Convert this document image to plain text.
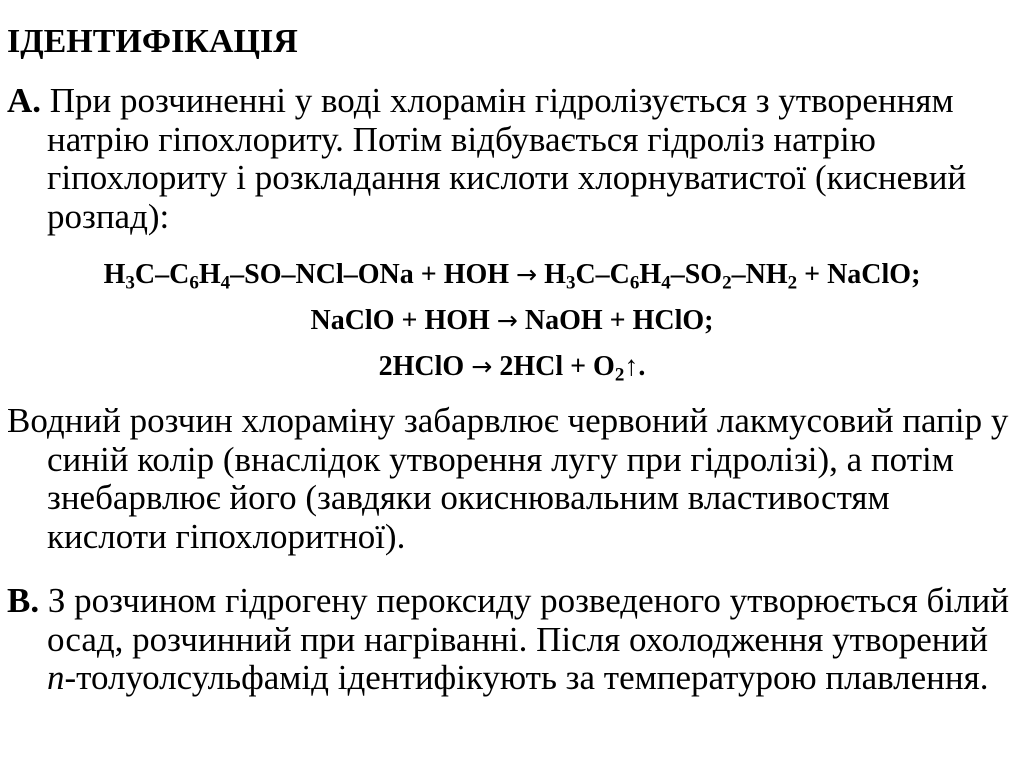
ІДЕНТИФІКАЦІЯ
А. При розчиненні у воді хлорамін гідролізується з утворенням натрію гіпохлориту. Потім відбувається гідроліз натрію гіпохлориту і розкладання кислоти хлорнуватистої (кисневий розпад):
$H_3C-C_6H_4-SO-NCl$–ONa + HOH → $H_3C-C_6H_4-SO_2-NH_2$ + NaClO;
NaClO + HOH → NaOH + HClO;
2HClO → $2HCl + O_2↑$.
Водний розчин хлораміну забарвлює червоний лакмусовий папір у синій колір (внаслідок утворення лугу при гідролізі), а потім знебарвлює його (завдяки окиснювальним властивостям кислоти гіпохлоритної).
В. З розчином гідрогену пероксиду розведеного утворюється білий осад, розчинний при нагріванні. Після охолодження утворений n-толуолсульфамід ідентифікують за температурою плавлення.
